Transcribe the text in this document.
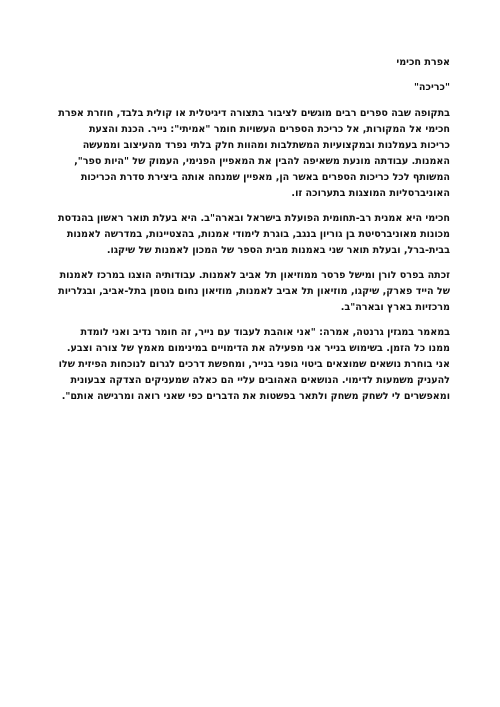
אפרת חכימי
"כריכה"

בתקופה שבה ספרים רבים מוגשים לציבור בתצורה דיגיטלית או קולית בלבד, חוזרת אפרת חכימי אל המקורות, אל כריכת הספרים העשויות חומר "אמיתי": נייר. הכנת והצעת כריכות בעמלנות ובמקצועיות המשתלבות ומהוות חלק בלתי נפרד מהעיצוב וממעשה האמנות. עבודתה מונעת משאיפה להבין את המאפיין הפנימי, העמוק של "היות ספר", המשותף לכל כריכות הספרים באשר הן, מאפיין שמנחה אותה ביצירת סדרת הכריכות האוניברסליות המוצגות בתערוכה זו.

חכימי היא אמנית רב-תחומית הפועלת בישראל ובארה"ב. היא בעלת תואר ראשון בהנדסת מכונות מאוניברסיטת בן גוריון בנגב, בוגרת לימודי אמנות, בהצטיינות, במדרשה לאמנות בבית-ברל, ובעלת תואר שני באמנות מבית הספר של המכון לאמנות של שיקגו.

זכתה בפרס לורן ומישל פרסר ממוזיאון תל אביב לאמנות. עבודותיה הוצגו במרכז לאמנות של הייד פארק, שיקגו, מוזיאון תל אביב לאמנות, מוזיאון נחום גוטמן בתל-אביב, ובגלריות מרכזיות בארץ ובארה"ב.

במאמר במגזין גרנטה, אמרה: "אני אוהבת לעבוד עם נייר, זה חומר נדיב ואני לומדת ממנו כל הזמן. בשימוש בנייר אני מפעילה את הדימויים במינימום מאמץ של צורה וצבע. אני בוחרת נושאים שמוצאים ביטוי גופני בנייר, ומחפשת דרכים לגרום לנוכחות הפיזית שלו להעניק משמעות לדימוי. הנושאים האהובים עליי הם כאלה שמעניקים הצדקה צבעונית ומאפשרים לי לשחק משחק ולתאר בפשטות את הדברים כפי שאני רואה ומרגישה אותם".
